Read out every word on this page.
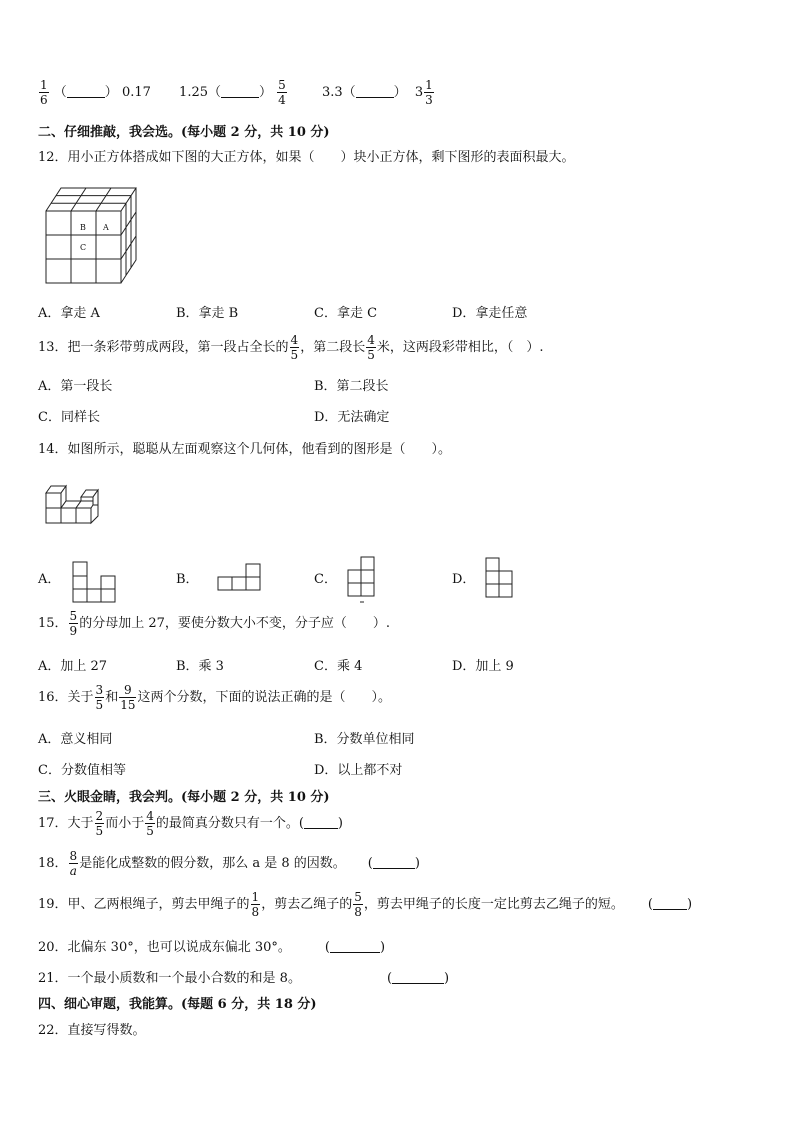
$\frac{1}{6}$ （	） 0.17 1.25（	） $\frac{5}{4}$	3.3（	） $3 \frac{1}{3}$
二、仔细推敲，我会选。(每小题 2 分，共 10 分)
12．用小正方体搭成如下图的大正方体，如果（　　）块小正方体，剩下图形的表面积最大。
B A
C
A．拿走 A	B．拿走 B	C．拿走 C	D．拿走任意
13．把一条彩带剪成两段，第一段占全长的 $\frac{4}{5}$ ，第二段长 $\frac{4}{5}$ 米，这两段彩带相比，（　）.
A．第一段长	B．第二段长
C．同样长	D．无法确定
14．如图所示，聪聪从左面观察这个几何体，他看到的图形是（　　）。
A．	B．	C．	D．
15． $\frac{5}{9}$ 的分母加上 27，要使分数大小不变，分子应（　　）.
A．加上 27	B．乘 3	C．乘 4	D．加上 9
16．关于 $\frac{3}{5}$ 和 $\frac{9}{15}$ 这两个分数，下面的说法正确的是（　　）。
A．意义相同	B．分数单位相同
C．分数值相等	D．以上都不对
三、火眼金睛，我会判。(每小题 2 分，共 10 分)
17．大于 $\frac{2}{5}$ 而小于 $\frac{4}{5}$ 的最简真分数只有一个。(	)
18． $\frac{8}{a}$ 是能化成整数的假分数，那么 a 是 8 的因数。 (	)
19．甲、乙两根绳子，剪去甲绳子的 $\frac{1}{8}$ ，剪去乙绳子的 $\frac{5}{8}$ ，剪去甲绳子的长度一定比剪去乙绳子的短。 (	)
20．北偏东 30°，也可以说成东偏北 30°。	(	)
21．一个最小质数和一个最小合数的和是 8。	(	)
四、细心审题，我能算。(每题 6 分，共 18 分)
22．直接写得数。
